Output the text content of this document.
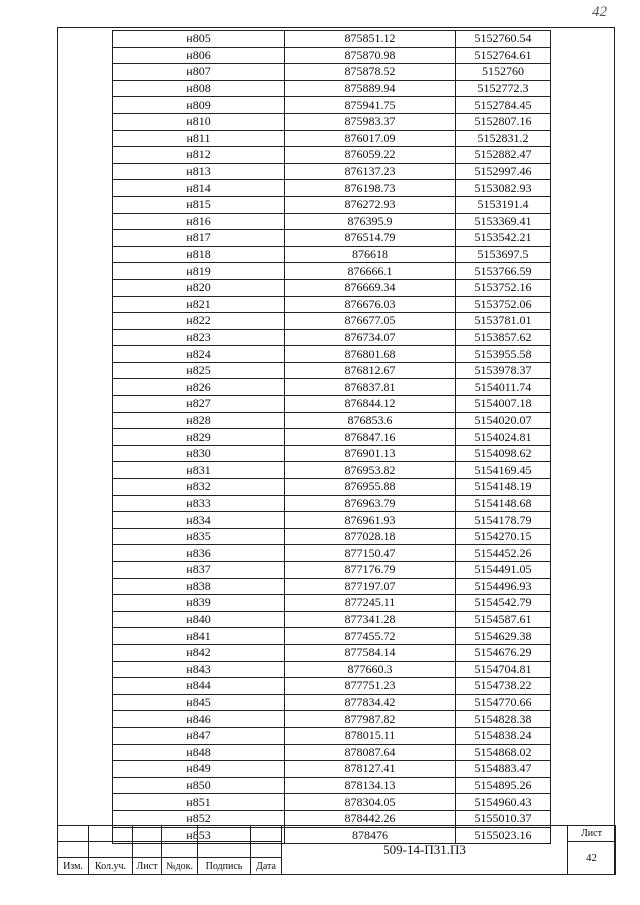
42
н805	875851.12	5152760.54
н806	875870.98	5152764.61
н807	875878.52	5152760
н808	875889.94	5152772.3
н809	875941.75	5152784.45
н810	875983.37	5152807.16
н811	876017.09	5152831.2
н812	876059.22	5152882.47
н813	876137.23	5152997.46
н814	876198.73	5153082.93
н815	876272.93	5153191.4
н816	876395.9	5153369.41
н817	876514.79	5153542.21
н818	876618	5153697.5
н819	876666.1	5153766.59
н820	876669.34	5153752.16
н821	876676.03	5153752.06
н822	876677.05	5153781.01
н823	876734.07	5153857.62
н824	876801.68	5153955.58
н825	876812.67	5153978.37
н826	876837.81	5154011.74
н827	876844.12	5154007.18
н828	876853.6	5154020.07
н829	876847.16	5154024.81
н830	876901.13	5154098.62
н831	876953.82	5154169.45
н832	876955.88	5154148.19
н833	876963.79	5154148.68
н834	876961.93	5154178.79
н835	877028.18	5154270.15
н836	877150.47	5154452.26
н837	877176.79	5154491.05
н838	877197.07	5154496.93
н839	877245.11	5154542.79
н840	877341.28	5154587.61
н841	877455.72	5154629.38
н842	877584.14	5154676.29
н843	877660.3	5154704.81
н844	877751.23	5154738.22
н845	877834.42	5154770.66
н846	877987.82	5154828.38
н847	878015.11	5154838.24
н848	878087.64	5154868.02
н849	878127.41	5154883.47
н850	878134.13	5154895.26
н851	878304.05	5154960.43
н852	878442.26	5155010.37
н853	878476	5155023.16
						509-14-П31.П3	Лист
							42
Изм.	Кол.уч.	Лист	№док.	Подпись	Дата		
